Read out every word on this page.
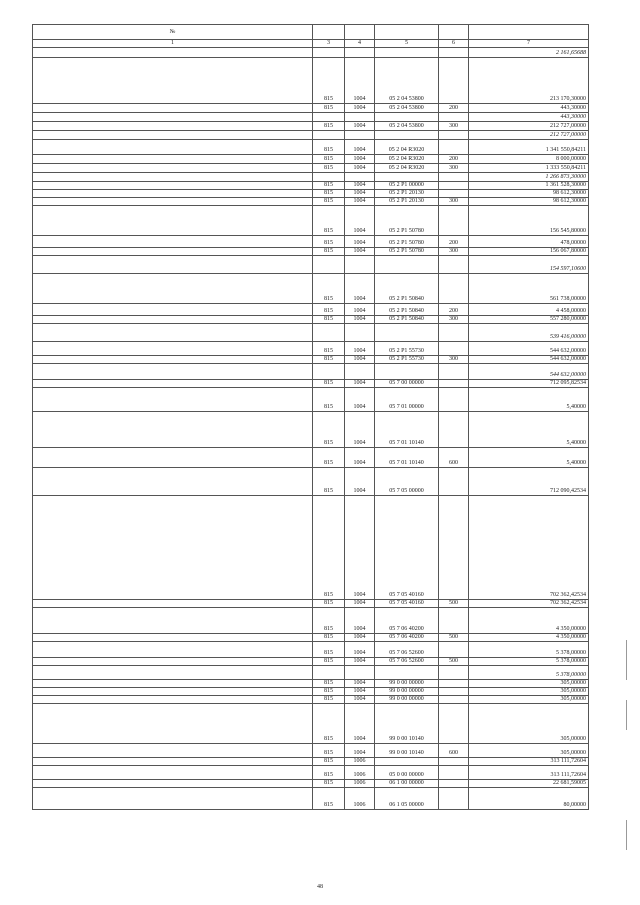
№					
1	3	4	5	6	7
					2 161,65688
	815	1004	05 2 04 53800		213 170,30000
	815	1004	05 2 04 53800	200	443,30000
					443,30000
	815	1004	05 2 04 53800	300	212 727,00000
					212 727,00000
	815	1004	05 2 04 R3020		1 341 550,84211
	815	1004	05 2 04 R3020	200	8 000,00000
	815	1004	05 2 04 R3020	300	1 333 550,84211
					1 266 873,30000
	815	1004	05 2 P1 00000		1 361 528,30000
	815	1004	05 2 P1 20130		98 612,30000
	815	1004	05 2 P1 20130	300	98 612,30000
	815	1004	05 2 P1 50780		156 545,80000
	815	1004	05 2 P1 50780	200	478,00000
	815	1004	05 2 P1 50780	300	156 067,80000
					154 597,10600
	815	1004	05 2 P1 50840		561 738,00000
	815	1004	05 2 P1 50840	200	4 458,00000
	815	1004	05 2 P1 50840	300	557 280,00000
					539 416,00000
	815	1004	05 2 P1 55730		544 632,00000
	815	1004	05 2 P1 55730	300	544 632,00000
					544 632,00000
	815	1004	05 7 00 00000		712 095,82534
	815	1004	05 7 01 00000		5,40000
	815	1004	05 7 01 10140		5,40000
	815	1004	05 7 01 10140	600	5,40000
	815	1004	05 7 05 00000		712 090,42534
	815	1004	05 7 05 40160		702 362,42534
	815	1004	05 7 05 40160	500	702 362,42534
	815	1004	05 7 06 40200		4 350,00000
	815	1004	05 7 06 40200	500	4 350,00000
	815	1004	05 7 06 52600		5 378,00000
	815	1004	05 7 06 52600	500	5 378,00000
					5 378,00000
	815	1004	99 0 00 00000		305,00000
	815	1004	99 0 00 00000		305,00000
	815	1004	99 0 00 00000		305,00000
	815	1004	99 0 00 10140		305,00000
	815	1004	99 0 00 10140	600	305,00000
	815	1006			313 111,72604
	815	1006	05 0 00 00000		313 111,72604
	815	1006	06 1 00 00000		22 681,59005
	815	1006	06 1 05 00000		80,00000
48
